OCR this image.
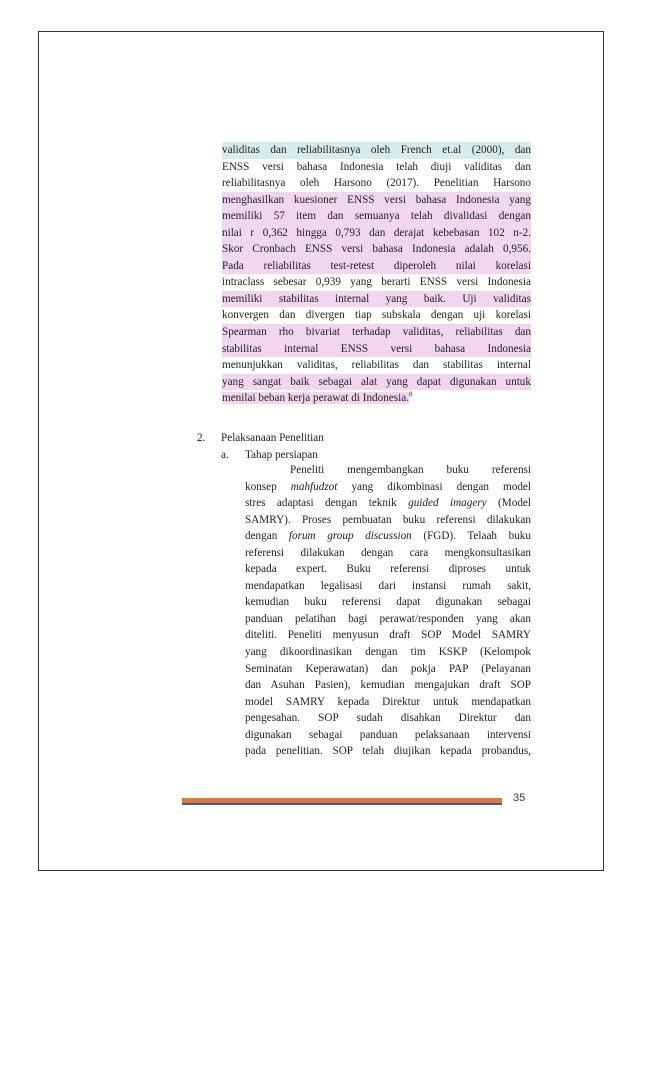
validitas dan reliabilitasnya oleh French et.al (2000), dan
ENSS versi bahasa Indonesia telah diuji validitas dan
reliabilitasnya oleh Harsono (2017). Penelitian Harsono
menghasilkan kuesioner ENSS versi bahasa Indonesia yang
memiliki 57 item dan semuanya telah divalidasi dengan
nilai r 0,362 hingga 0,793 dan derajat kebebasan 102 n-2.
Skor Cronbach ENSS versi bahasa Indonesia adalah 0,956.
Pada reliabilitas test-retest diperoleh nilai korelasi
intraclass sebesar 0,939 yang berarti ENSS versi Indonesia
memiliki stabilitas internal yang baik. Uji validitas
konvergen dan divergen tiap subskala dengan uji korelasi
Spearman rho bivariat terhadap validitas, reliabilitas dan
stabilitas internal ENSS versi bahasa Indonesia
menunjukkan validitas, reliabilitas dan stabilitas internal
yang sangat baik sebagai alat yang dapat digunakan untuk
menilai beban kerja perawat di Indonesia.$^8$
2. Pelaksanaan Penelitian
a. Tahap persiapan
Peneliti mengembangkan buku referensi
konsep mahfudzot yang dikombinasi dengan model
stres adaptasi dengan teknik guided imagery (Model
SAMRY). Proses pembuatan buku referensi dilakukan
dengan forum group discussion (FGD). Telaah buku
referensi dilakukan dengan cara mengkonsultasikan
kepada expert. Buku referensi diproses untuk
mendapatkan legalisasi dari instansi rumah sakit,
kemudian buku referensi dapat digunakan sebagai
panduan pelatihan bagi perawat/responden yang akan
diteliti. Peneliti menyusun draft SOP Model SAMRY
yang dikoordinasikan dengan tim KSKP (Kelompok
Seminatan Keperawatan) dan pokja PAP (Pelayanan
dan Asuhan Pasien), kemudian mengajukan draft SOP
model SAMRY kepada Direktur untuk mendapatkan
pengesahan. SOP sudah disahkan Direktur dan
digunakan sebagai panduan pelaksanaan intervensi
pada penelitian. SOP telah diujikan kepada probandus,
35
